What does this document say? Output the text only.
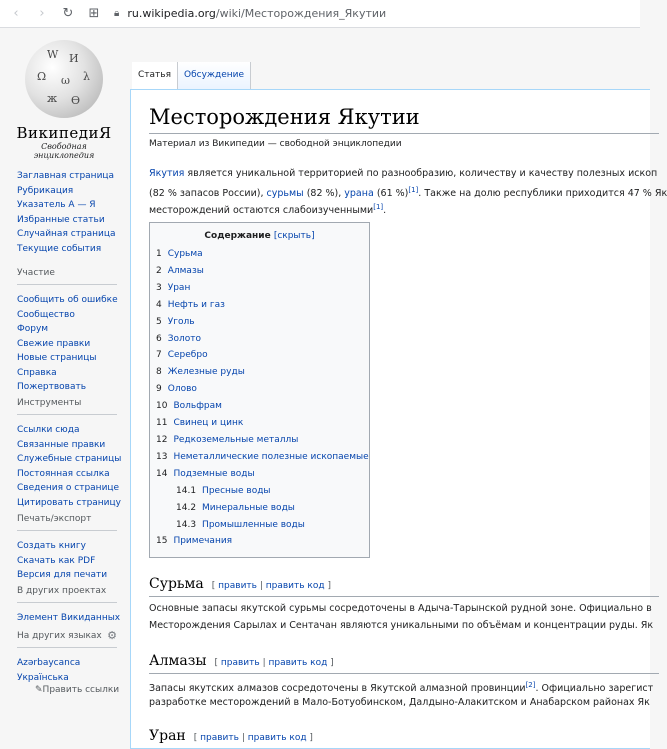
‹	›	↻	⊞	🔒︎ ru.wikipedia.org /wiki/Месторождения_Якутии
W И
Ω ω λ
ж Ѳ
ВикипедиЯ
Свободная энциклопедия
Заглавная страница
Рубрикация
Указатель А — Я
Избранные статьи
Случайная страница
Текущие события
Участие
Сообщить об ошибке
Сообщество
Форум
Свежие правки
Новые страницы
Справка
Пожертвовать
Инструменты
Ссылки сюда
Связанные правки
Служебные страницы
Постоянная ссылка
Сведения о странице
Цитировать страницу
Печать/экспорт
Создать книгу
Скачать как PDF
Версия для печати
В других проектах
Элемент Викиданных
На других языках ⚙
Azərbaycanca
Українська
✎Править ссылки
Статья	Обсуждение
Месторождения Якутии
Материал из Википедии — свободной энциклопедии
Якутия является уникальной территорией по разнообразию, количеству и качеству полезных ископ
(82 % запасов России), сурьмы (82 %), урана (61 %)[1]. Также на долю республики приходится 47 % Як
месторождений остаются слабоизученными[1].
Содержание [скрыть]
1 Сурьма
2 Алмазы
3 Уран
4 Нефть и газ
5 Уголь
6 Золото
7 Серебро
8 Железные руды
9 Олово
10 Вольфрам
11 Свинец и цинк
12 Редкоземельные металлы
13 Неметаллические полезные ископаемые
14 Подземные воды
14.1 Пресные воды
14.2 Минеральные воды
14.3 Промышленные воды
15 Примечания
Сурьма [ править | править код ]
Основные запасы якутской сурьмы сосредоточены в Адыча-Тарынской рудной зоне. Официально в
Месторождения Сарылах и Сентачан являются уникальными по объёмам и концентрации руды. Як
Алмазы [ править | править код ]
Запасы якутских алмазов сосредоточены в Якутской алмазной провинции[2]. Официально зарегист
разработке месторождений в Мало-Ботуобинском, Далдыно-Алакитском и Анабарском районах Як
Уран [ править | править код ]
